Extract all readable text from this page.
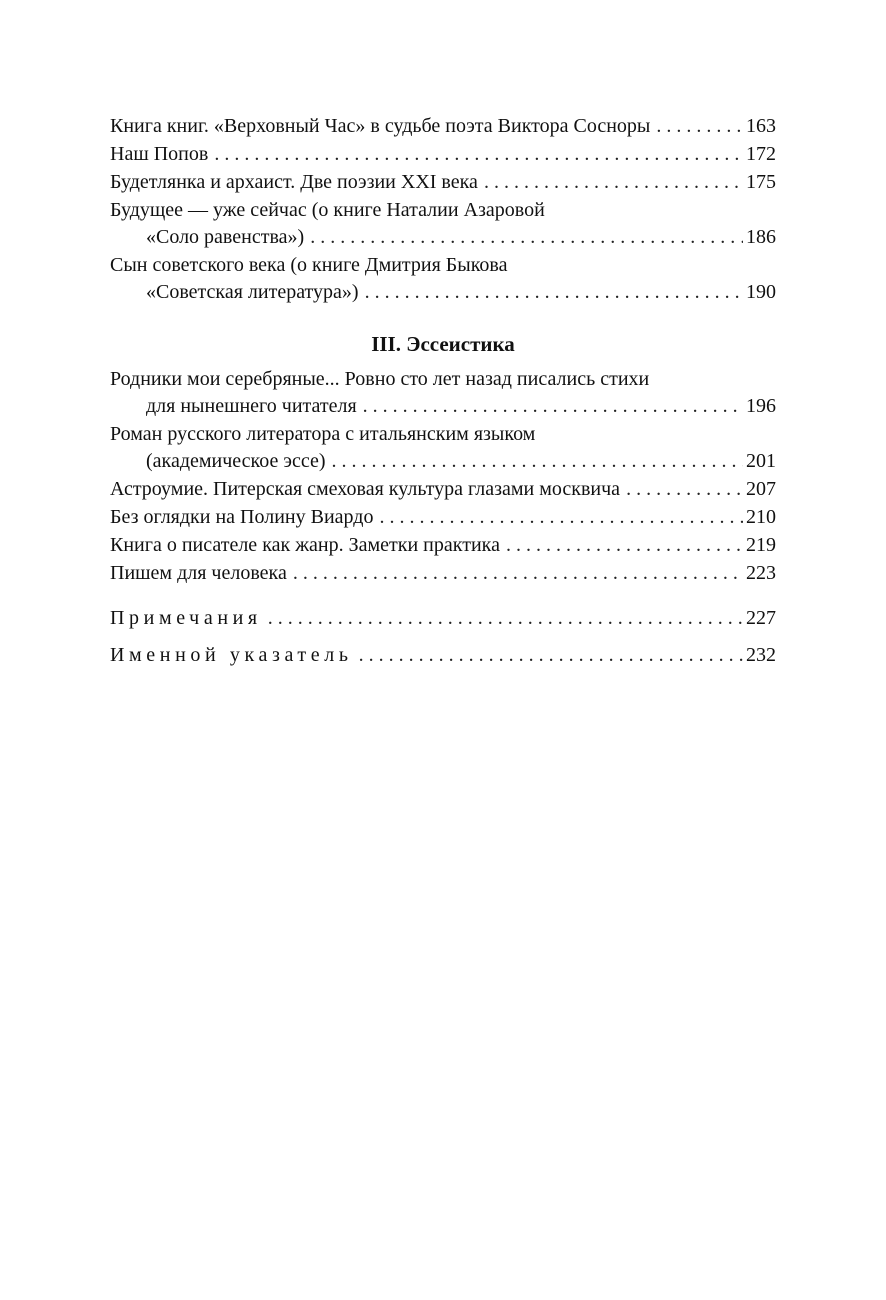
Книга книг. «Верховный Час» в судьбе поэта Виктора Сосноры . . .	163
Наш Попов . . .	172
Будетлянка и архаист. Две поэзии XXI века . . .	175
Будущее — уже сейчас (о книге Наталии Азаровой
«Соло равенства») . . .	186
Сын советского века (о книге Дмитрия Быкова
«Советская литература») . . .	190
III. Эссеистика
Родники мои серебряные... Ровно сто лет назад писались стихи
для нынешнего читателя . . .	196
Роман русского литератора с итальянским языком
(академическое эссе) . . .	201
Астроумие. Питерская смеховая культура глазами москвича . . .	207
Без оглядки на Полину Виардо . . .	210
Книга о писателе как жанр. Заметки практика . . .	219
Пишем для человека . . .	223
Примечания . . .	227
Именной указатель . . .	232
